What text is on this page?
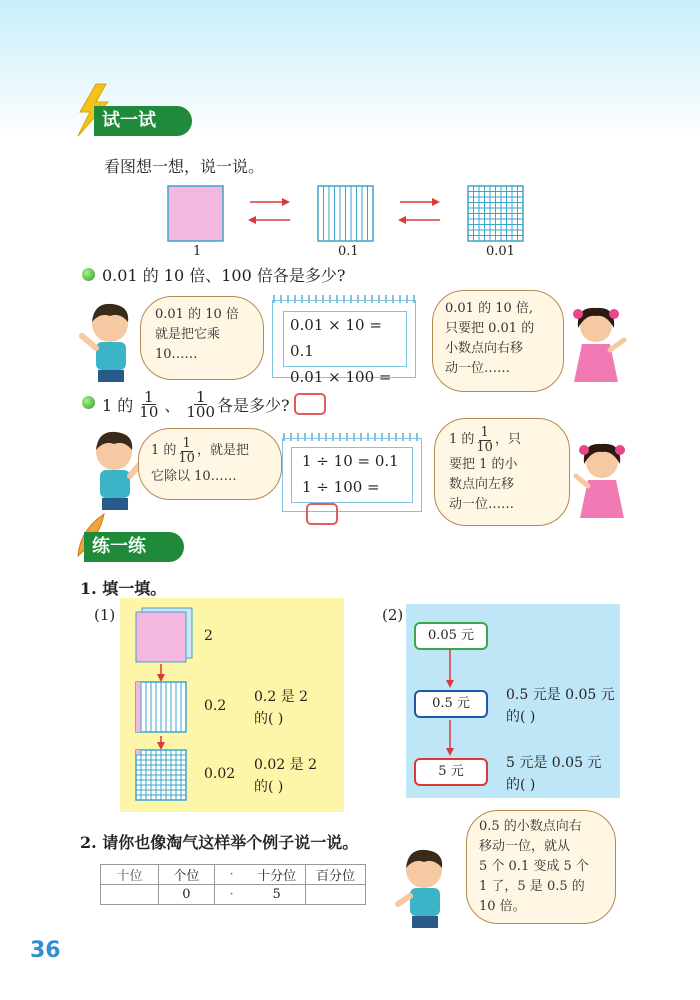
试一试
看图想一想，说一说。
1	0.1	0.01
0.01 的 10 倍、100 倍各是多少?
0.01 的 10 倍
就是把它乘
10……
0.01 × 10 = 0.1
0.01 × 100 =
0.01 的 10 倍,
只要把 0.01 的
小数点向右移
动一位……
1 的 $\frac{1}{10}$ 、 $\frac{1}{100}$ 各是多少?
1 的 $\frac{1}{10}$ ，就是把
它除以 10……
1 ÷ 10 = 0.1
1 ÷ 100 =
1 的 $\frac{1}{10}$ ，只
要把 1 的小
数点向左移
动一位……
练一练
1. 填一填。
(1)
2
0.2
0.2 是 2
的( )
0.02
0.02 是 2
的( )
(2)
0.05 元
0.5 元
5 元
0.5 元是 0.05 元
的( )
5 元是 0.05 元
的( )
2. 请你也像淘气这样举个例子说一说。
十位	个位	·	十分位	百分位
	0	·	5	
0.5 的小数点向右
移动一位，就从
5 个 0.1 变成 5 个
1 了，5 是 0.5 的
10 倍。
36
